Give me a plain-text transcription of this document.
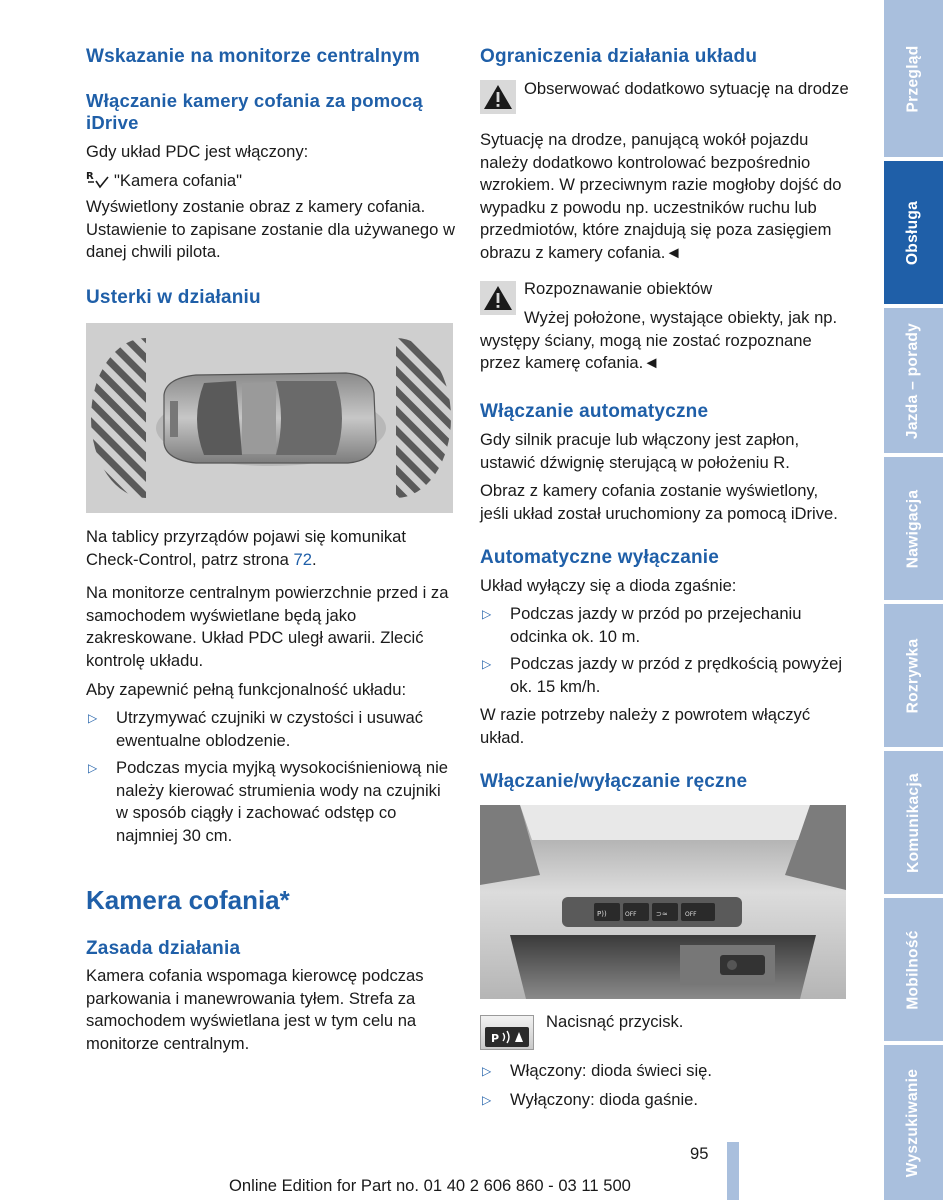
Wskazanie na monitorze centralnym
Włączanie kamery cofania za pomocą iDrive
Gdy układ PDC jest włączony:
R "Kamera cofania"
Wyświetlony zostanie obraz z kamery cofania. Ustawienie to zapisane zostanie dla używanego w danej chwili pilota.
Usterki w działaniu
Na tablicy przyrządów pojawi się komunikat Check-Control, patrz strona 72.
Na monitorze centralnym powierzchnie przed i za samochodem wyświetlane będą jako zakreskowane. Układ PDC uległ awarii. Zlecić kontrolę układu.
Aby zapewnić pełną funkcjonalność układu:
▷ Utrzymywać czujniki w czystości i usuwać ewentualne oblodzenie.
▷ Podczas mycia myjką wysokociśnieniową nie należy kierować strumienia wody na czujniki w sposób ciągły i zachować odstęp co najmniej 30 cm.
Kamera cofania*
Zasada działania
Kamera cofania wspomaga kierowcę podczas parkowania i manewrowania tyłem. Strefa za samochodem wyświetlana jest w tym celu na monitorze centralnym.
Ograniczenia działania układu
Obserwować dodatkowo sytuację na drodze
Sytuację na drodze, panującą wokół pojazdu należy dodatkowo kontrolować bezpośrednio wzrokiem. W przeciwnym razie mogłoby dojść do wypadku z powodu np. uczestników ruchu lub przedmiotów, które znajdują się poza zasięgiem obrazu z kamery cofania.◄
Rozpoznawanie obiektów
Wyżej położone, wystające obiekty, jak np. występy ściany, mogą nie zostać rozpoznane przez kamerę cofania.◄
Włączanie automatyczne
Gdy silnik pracuje lub włączony jest zapłon, ustawić dźwignię sterującą w położeniu R.
Obraz z kamery cofania zostanie wyświetlony, jeśli układ został uruchomiony za pomocą iDrive.
Automatyczne wyłączanie
Układ wyłączy się a dioda zgaśnie:
▷ Podczas jazdy w przód po przejechaniu odcinka ok. 10 m.
▷ Podczas jazdy w przód z prędkością powyżej ok. 15 km/h.
W razie potrzeby należy z powrotem włączyć układ.
Włączanie/wyłączanie ręczne
P))	OFF	⊃≈	OFF
P
Nacisnąć przycisk.
▷ Włączony: dioda świeci się.
▷ Wyłączony: dioda gaśnie.
Przegląd
Obsługa
Jazda – porady
Nawigacja
Rozrywka
Komunikacja
Mobilność
Wyszukiwanie
95
Online Edition for Part no. 01 40 2 606 860 - 03 11 500
